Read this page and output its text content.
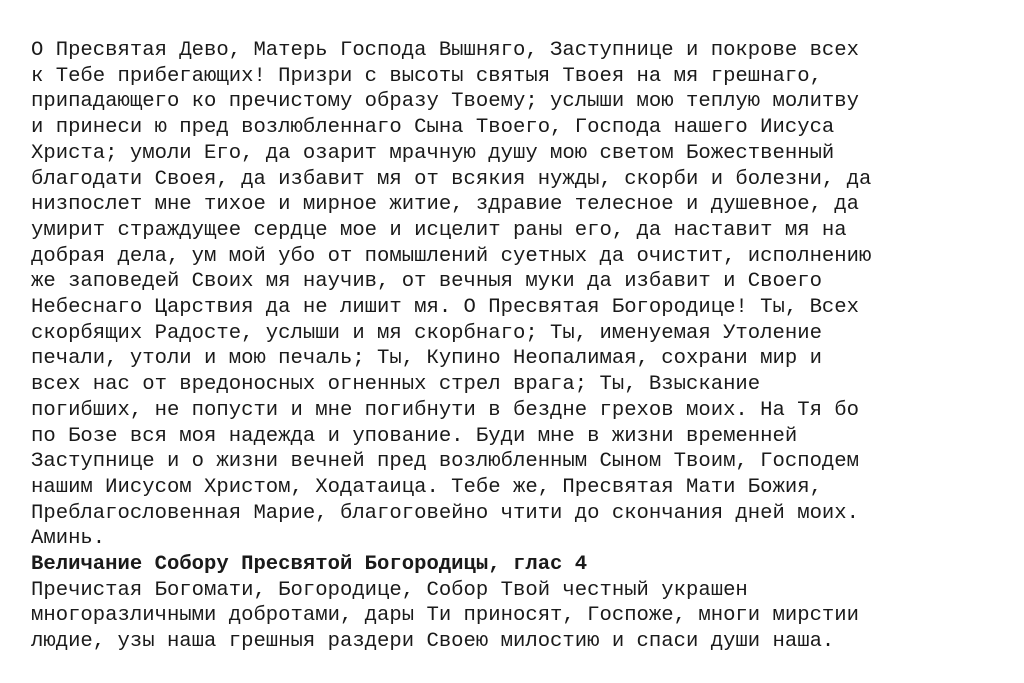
О Пресвятая Дево, Матерь Господа Вышняго, Заступнице и покрове всех
к Тебе прибегающих! Призри с высоты святыя Твоея на мя грешнаго,
припадающего ко пречистому образу Твоему; услыши мою теплую молитву
и принеси ю пред возлюбленнаго Сына Твоего, Господа нашего Иисуса
Христа; умоли Его, да озарит мрачную душу мою светом Божественный
благодати Своея, да избавит мя от всякия нужды, скорби и болезни, да
низпослет мне тихое и мирное житие, здравие телесное и душевное, да
умирит страждущее сердце мое и исцелит раны его, да наставит мя на
добрая дела, ум мой убо от помышлений суетных да очистит, исполнению
же заповедей Своих мя научив, от вечныя муки да избавит и Своего
Небеснаго Царствия да не лишит мя. О Пресвятая Богородице! Ты, Всех
скорбящих Радосте, услыши и мя скорбнаго; Ты, именуемая Утоление
печали, утоли и мою печаль; Ты, Купино Неопалимая, сохрани мир и
всех нас от вредоносных огненных стрел врага; Ты, Взыскание
погибших, не попусти и мне погибнути в бездне грехов моих. На Тя бо
по Бозе вся моя надежда и упование. Буди мне в жизни временней
Заступнице и о жизни вечней пред возлюбленным Сыном Твоим, Господем
нашим Иисусом Христом, Ходатаица. Тебе же, Пресвятая Мати Божия,
Преблагословенная Марие, благоговейно чтити до скончания дней моих.
Аминь.
Величание Собору Пресвятой Богородицы, глас 4
Пречистая Богомати, Богородице, Собор Твой честный украшен
многоразличными добротами, дары Ти приносят, Госпоже, многи мирстии
людие, узы наша грешныя раздери Своею милостию и спаси души наша.
